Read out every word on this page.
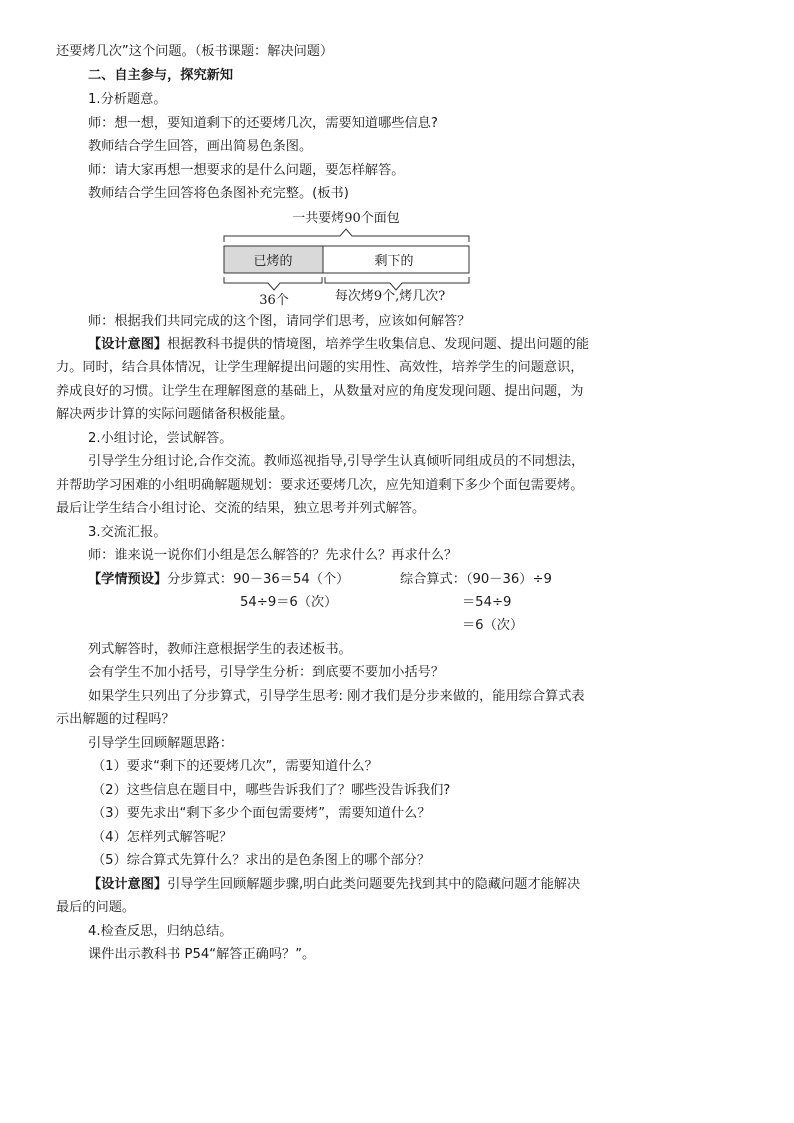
还要烤几次”这个问题。（板书课题：解决问题）
二、自主参与，探究新知
1.分析题意。
师：想一想，要知道剩下的还要烤几次，需要知道哪些信息?
教师结合学生回答，画出简易色条图。
师：请大家再想一想要求的是什么问题，要怎样解答。
教师结合学生回答将色条图补充完整。(板书)
一共要烤90个面包
已烤的	剩下的
36个	每次烤9个,烤几次?
师：根据我们共同完成的这个图，请同学们思考，应该如何解答？
【设计意图】根据教科书提供的情境图，培养学生收集信息、发现问题、提出问题的能
力。同时，结合具体情况，让学生理解提出问题的实用性、高效性，培养学生的问题意识，
养成良好的习惯。让学生在理解图意的基础上，从数量对应的角度发现问题、提出问题，为
解决两步计算的实际问题储备积极能量。
2.小组讨论，尝试解答。
引导学生分组讨论,合作交流。教师巡视指导,引导学生认真倾听同组成员的不同想法，
并帮助学习困难的小组明确解题规划：要求还要烤几次，应先知道剩下多少个面包需要烤。
最后让学生结合小组讨论、交流的结果，独立思考并列式解答。
3.交流汇报。
师：谁来说一说你们小组是怎么解答的？先求什么？再求什么？
【学情预设】分步算式：90－36＝54（个）	综合算式：（90－36）÷9
54÷9＝6（次）	＝54÷9
＝6（次）
列式解答时，教师注意根据学生的表述板书。
会有学生不加小括号，引导学生分析：到底要不要加小括号？
如果学生只列出了分步算式，引导学生思考: 刚才我们是分步来做的，能用综合算式表
示出解题的过程吗？
引导学生回顾解题思路：
（1）要求“剩下的还要烤几次”，需要知道什么？
（2）这些信息在题目中，哪些告诉我们了？哪些没告诉我们?
（3）要先求出“剩下多少个面包需要烤”，需要知道什么？
（4）怎样列式解答呢？
（5）综合算式先算什么？求出的是色条图上的哪个部分？
【设计意图】引导学生回顾解题步骤,明白此类问题要先找到其中的隐藏问题才能解决
最后的问题。
4.检查反思，归纳总结。
课件出示教科书 P54“解答正确吗？”。
